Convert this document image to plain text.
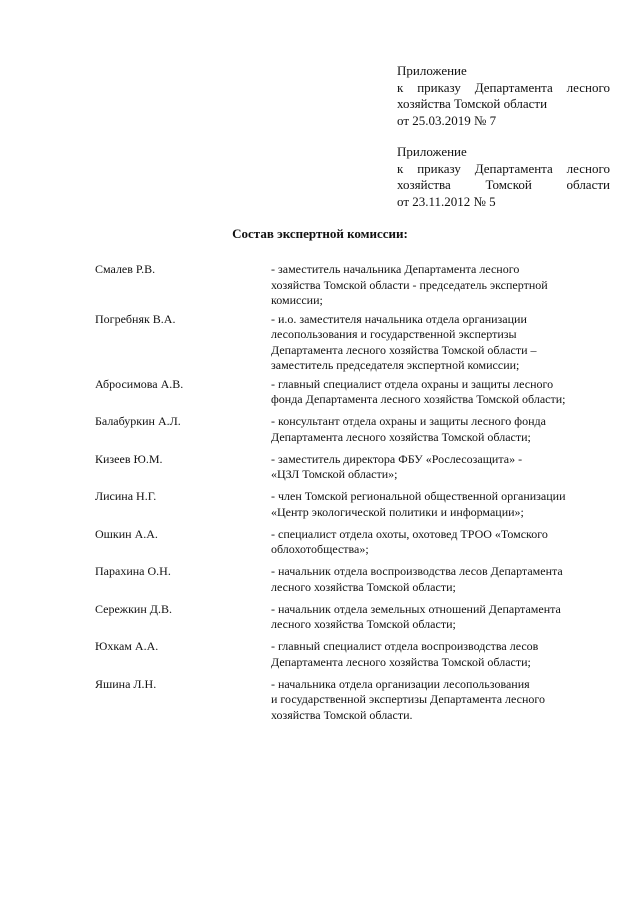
Приложение
к приказу Департамента лесного
хозяйства Томской области
от 25.03.2019 № 7
Приложение
к приказу Департамента лесного
хозяйства	Томской	области
от 23.11.2012 № 5
Состав экспертной комиссии:
Смалев Р.В.	- заместитель начальника Департамента лесного
хозяйства Томской области - председатель экспертной
комиссии;
Погребняк В.А.	- и.о. заместителя начальника отдела организации
лесопользования и государственной экспертизы
Департамента лесного хозяйства Томской области –
заместитель председателя экспертной комиссии;
Абросимова А.В.	- главный специалист отдела охраны и защиты лесного
фонда Департамента лесного хозяйства Томской области;
Балабуркин А.Л.	- консультант отдела охраны и защиты лесного фонда
Департамента лесного хозяйства Томской области;
Кизеев Ю.М.	- заместитель директора ФБУ «Рослесозащита» -
«ЦЗЛ Томской области»;
Лисина Н.Г.	- член Томской региональной общественной организации
«Центр экологической политики и информации»;
Ошкин А.А.	- специалист отдела охоты, охотовед ТРОО «Томского
облохотобщества»;
Парахина О.Н.	- начальник отдела воспроизводства лесов Департамента
лесного хозяйства Томской области;
Сережкин Д.В.	- начальник отдела земельных отношений Департамента
лесного хозяйства Томской области;
Юхкам А.А.	- главный специалист отдела воспроизводства лесов
Департамента лесного хозяйства Томской области;
Яшина Л.Н.	- начальника отдела организации лесопользования
и государственной экспертизы Департамента лесного
хозяйства Томской области.
